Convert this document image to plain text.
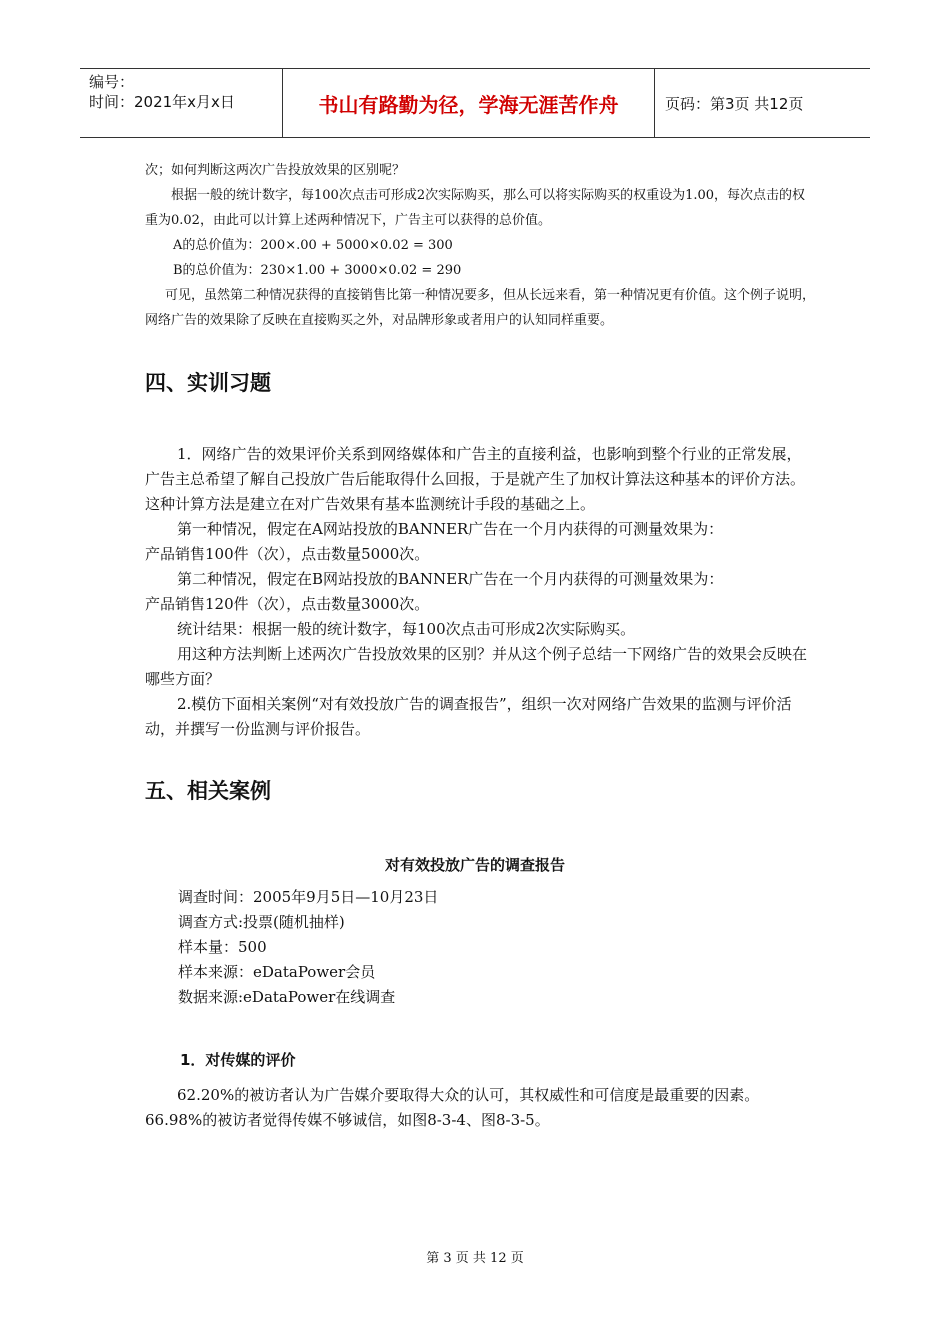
编号：
时间：2021年x月x日	书山有路勤为径，学海无涯苦作舟	页码：第3页 共12页

次；如何判断这两次广告投放效果的区别呢？

根据一般的统计数字，每100次点击可形成2次实际购买，那么可以将实际购买的权重设为1.00，每次点击的权重为0.02，由此可以计算上述两种情况下，广告主可以获得的总价值。

A的总价值为：200×.00 + 5000×0.02 = 300

B的总价值为：230×1.00 + 3000×0.02 = 290

可见，虽然第二种情况获得的直接销售比第一种情况要多，但从长远来看，第一种情况更有价值。这个例子说明，网络广告的效果除了反映在直接购买之外，对品牌形象或者用户的认知同样重要。

四、实训习题

1．网络广告的效果评价关系到网络媒体和广告主的直接利益，也影响到整个行业的正常发展，广告主总希望了解自己投放广告后能取得什么回报，于是就产生了加权计算法这种基本的评价方法。这种计算方法是建立在对广告效果有基本监测统计手段的基础之上。

第一种情况，假定在A网站投放的BANNER广告在一个月内获得的可测量效果为：

产品销售100件（次），点击数量5000次。

第二种情况，假定在B网站投放的BANNER广告在一个月内获得的可测量效果为：

产品销售120件（次），点击数量3000次。

统计结果：根据一般的统计数字，每100次点击可形成2次实际购买。

用这种方法判断上述两次广告投放效果的区别？并从这个例子总结一下网络广告的效果会反映在哪些方面？

2.模仿下面相关案例“对有效投放广告的调查报告”，组织一次对网络广告效果的监测与评价活动，并撰写一份监测与评价报告。

五、相关案例
对有效投放广告的调查报告

调查时间：2005年9月5日—10月23日

调查方式:投票(随机抽样)

样本量：500

样本来源：eDataPower会员

数据来源:eDataPower在线调查

1．对传媒的评价

62.20%的被访者认为广告媒介要取得大众的认可，其权威性和可信度是最重要的因素。

66.98%的被访者觉得传媒不够诚信，如图8-3-4、图8-3-5。

第 3 页 共 12 页
